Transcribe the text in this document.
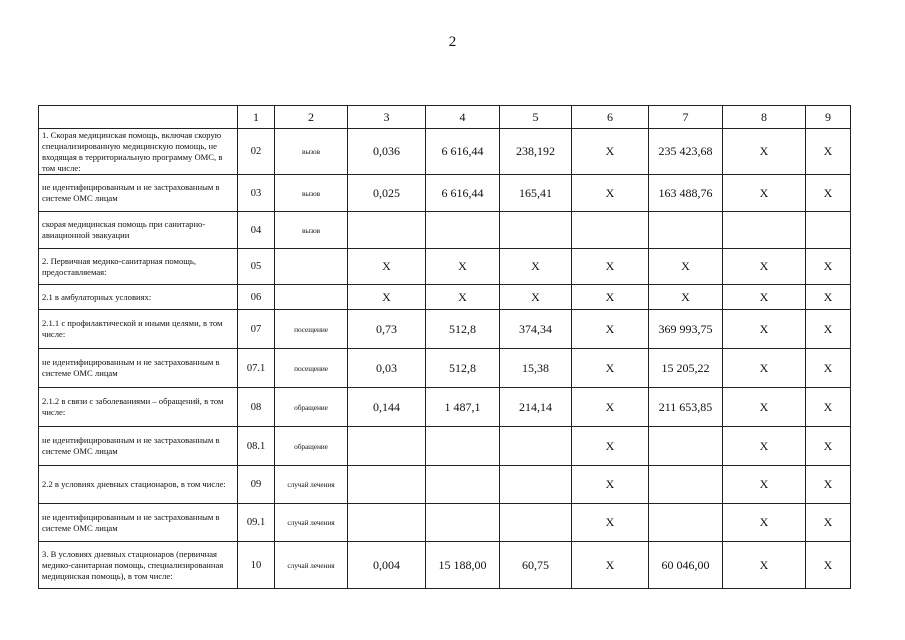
2
	1	2	3	4	5	6	7	8	9
1. Скорая медицинская помощь, включая скорую специализированную медицинскую помощь, не входящая в территориальную программу ОМС, в том числе:	02	вызов	0,036	6 616,44	238,192	Х	235 423,68	Х	Х
не идентифицированным и не застрахованным в системе ОМС лицам	03	вызов	0,025	6 616,44	165,41	Х	163 488,76	Х	Х
скорая медицинская помощь при санитарно-авиационной эвакуации	04	вызов							
2. Первичная медико-санитарная помощь, предоставляемая:	05		Х	Х	Х	Х	Х	Х	Х
2.1 в амбулаторных условиях:	06		Х	Х	Х	Х	Х	Х	Х
2.1.1 с профилактической и иными целями, в том числе:	07	посещение	0,73	512,8	374,34	Х	369 993,75	Х	Х
не идентифицированным и не застрахованным в системе ОМС лицам	07.1	посещение	0,03	512,8	15,38	Х	15 205,22	Х	Х
2.1.2 в связи с заболеваниями – обращений, в том числе:	08	обращение	0,144	1 487,1	214,14	Х	211 653,85	Х	Х
не идентифицированным и не застрахованным в системе ОМС лицам	08.1	обращение				Х		Х	Х
2.2 в условиях дневных стационаров, в том числе:	09	случай лечения				Х		Х	Х
не идентифицированным и не застрахованным в системе ОМС лицам	09.1	случай лечения				Х		Х	Х
3. В условиях дневных стационаров (первичная медико-санитарная помощь, специализированная медицинская помощь), в том числе:	10	случай лечения	0,004	15 188,00	60,75	Х	60 046,00	Х	Х
